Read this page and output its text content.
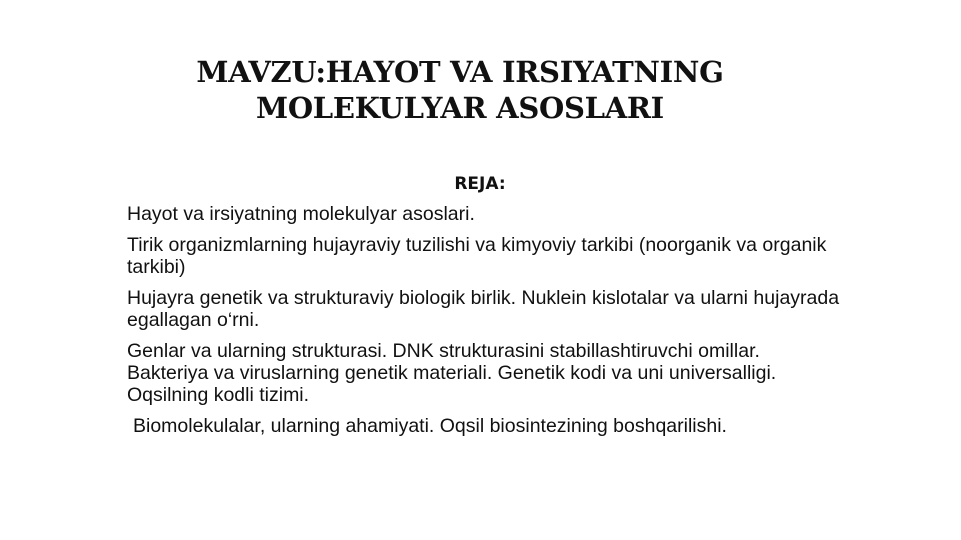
MAVZU:HAYOT VA IRSIYATNING
MOLEKULYAR ASOSLARI
REJA:
Hayot va irsiyatning molekulyar asoslari.
Tirik organizmlarning hujayraviy tuzilishi va kimyoviy tarkibi (noorganik va organik tarkibi)
Hujayra genetik va strukturaviy biologik birlik. Nuklein kislotalar va ularni hujayrada egallagan o‘rni.
Genlar va ularning strukturasi. DNK strukturasini stabillashtiruvchi omillar. Bakteriya va viruslarning genetik materiali. Genetik kodi va uni universalligi. Oqsilning kodli tizimi.
Biomolekulalar, ularning ahamiyati. Oqsil biosintezining boshqarilishi.
